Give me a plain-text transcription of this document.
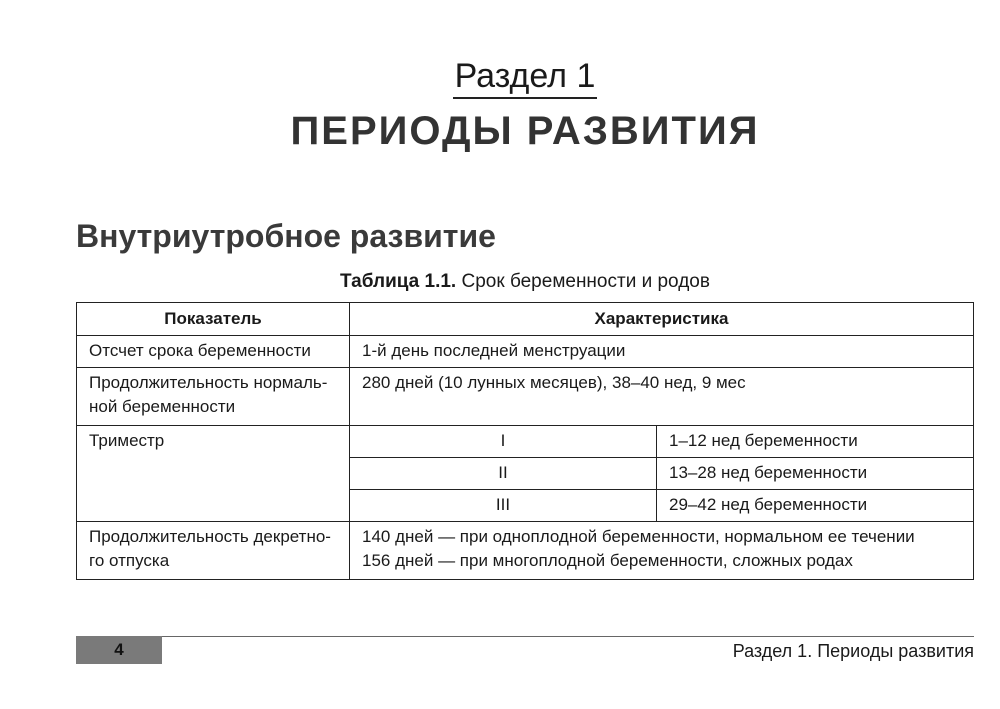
Раздел 1
ПЕРИОДЫ РАЗВИТИЯ
Внутриутробное развитие
Таблица 1.1. Срок беременности и родов
Показатель	Характеристика	
Отсчет срока беременности	1-й день последней менструации	
Продолжительность нормаль-ной беременности	280 дней (10 лунных месяцев), 38–40 нед, 9 мес	
Триместр	I	1–12 нед беременности
	II	13–28 нед беременности
	III	29–42 нед беременности
Продолжительность декретно-го отпуска	140 дней — при одноплодной беременности, нормальном ее течении
156 дней — при многоплодной беременности, сложных родах	
4	Раздел 1. Периоды развития
